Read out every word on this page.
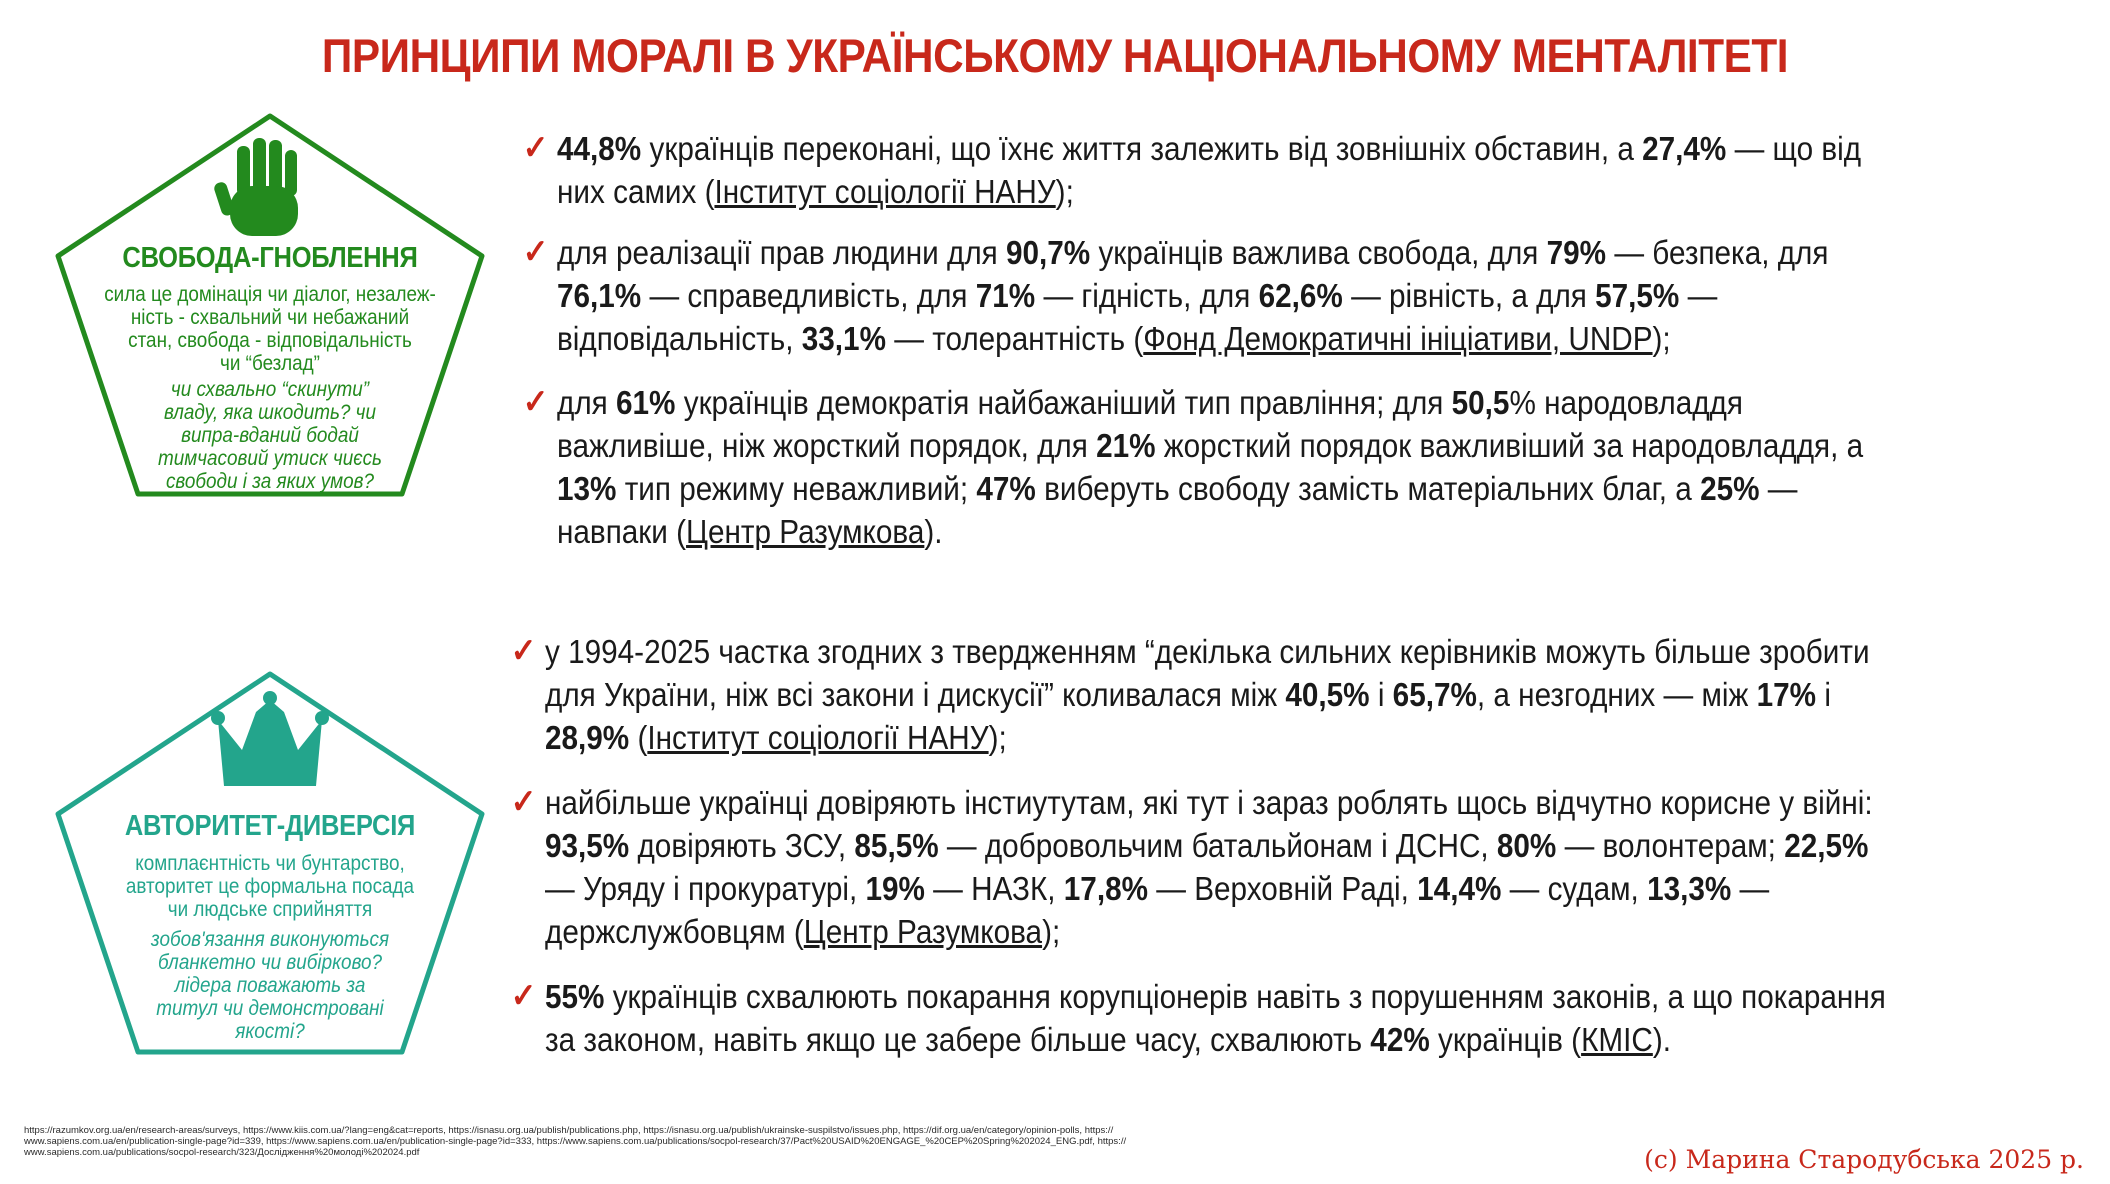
ПРИНЦИПИ МОРАЛІ В УКРАЇНСЬКОМУ НАЦІОНАЛЬНОМУ МЕНТАЛІТЕТІ
СВОБОДА-ГНОБЛЕННЯ
сила це домінація чи діалог, незалеж-
ність - схвальний чи небажаний
стан, свобода - відповідальність
чи “безлад”
чи схвально “скинути”
владу, яка шкодить? чи
випра-вданий бодай
тимчасовий утиск чиєсь
свободи і за яких умов?
АВТОРИТЕТ-ДИВЕРСІЯ
комплаєнтність чи бунтарство,
авторитет це формальна посада
чи людське сприйняття
зобов'язання виконуються
бланкетно чи вибірково?
лідера поважають за
титул чи демонстровані
якості?
✓ 44,8% українців переконані, що їхнє життя залежить від зовнішніх обставин, а 27,4% — що від
них самих (Інститут соціології НАНУ);
✓ для реалізації прав людини для 90,7% українців важлива свобода, для 79% — безпека, для
76,1% — справедливість, для 71% — гідність, для 62,6% — рівність, а для 57,5% —
відповідальність, 33,1% — толерантність (Фонд Демократичні ініціативи, UNDP);
✓ для 61% українців демократія найбажаніший тип правління; для 50,5% народовладдя
важливіше, ніж жорсткий порядок, для 21% жорсткий порядок важливіший за народовладдя, а
13% тип режиму неважливий; 47% виберуть свободу замість матеріальних благ, а 25% —
навпаки (Центр Разумкова).
✓ у 1994-2025 частка згодних з твердженням “декілька сильних керівників можуть більше зробити
для України, ніж всі закони і дискусії” коливалася між 40,5% і 65,7%, а незгодних — між 17% і
28,9% (Інститут соціології НАНУ);
✓ найбільше українці довіряють інстиутутам, які тут і зараз роблять щось відчутно корисне у війні:
93,5% довіряють ЗСУ, 85,5% — добровольчим батальйонам і ДСНС, 80% — волонтерам; 22,5%
— Уряду і прокуратурі, 19% — НАЗК, 17,8% — Верховній Раді, 14,4% — судам, 13,3% —
держслужбовцям (Центр Разумкова);
✓ 55% українців схвалюють покарання корупціонерів навіть з порушенням законів, а що покарання
за законом, навіть якщо це забере більше часу, схвалюють 42% українців (КМІС).
https://razumkov.org.ua/en/research-areas/surveys, https://www.kiis.com.ua/?lang=eng&cat=reports, https://isnasu.org.ua/publish/publications.php, https://isnasu.org.ua/publish/ukrainske-suspilstvo/issues.php, https://dif.org.ua/en/category/opinion-polls, https://
www.sapiens.com.ua/en/publication-single-page?id=339, https://www.sapiens.com.ua/en/publication-single-page?id=333, https://www.sapiens.com.ua/publications/socpol-research/37/Pact%20USAID%20ENGAGE_%20CEP%20Spring%202024_ENG.pdf, https://
www.sapiens.com.ua/publications/socpol-research/323/Дослідження%20молоді%202024.pdf	(с) Марина Стародубська 2025 р.
